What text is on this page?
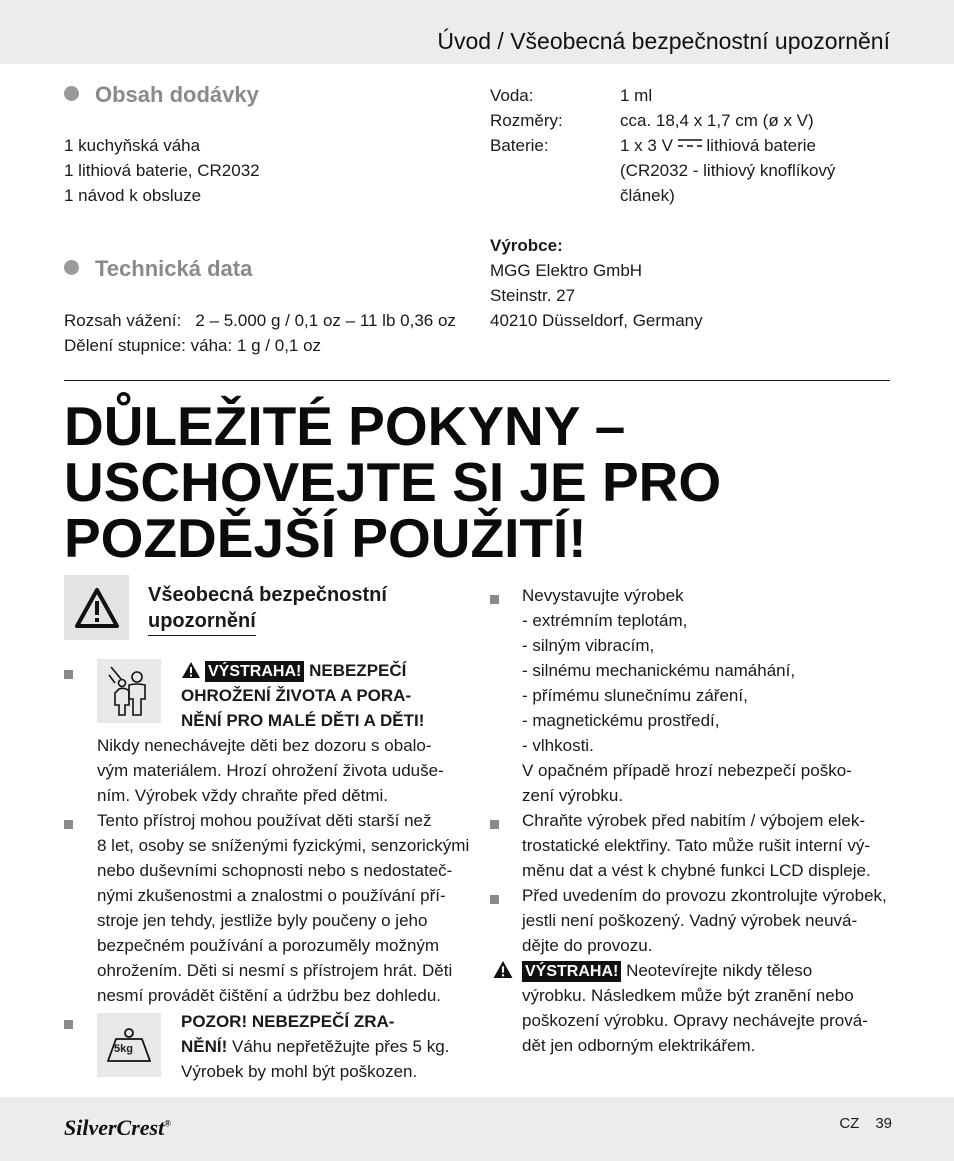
Úvod / Všeobecná bezpečnostní upozornění
Obsah dodávky
1 kuchyňská váha
1 lithiová baterie, CR2032
1 návod k obsluze
Technická data
Rozsah vážení: 2 – 5.000 g / 0,1 oz – 11 lb 0,36 oz
Dělení stupnice: váha: 1 g / 0,1 oz
Voda:	1 ml
Rozměry:	cca. 18,4 x 1,7 cm (ø x V)
Baterie:	1 x 3 V lithiová baterie
(CR2032 - lithiový knoflíkový
článek)
Výrobce:
MGG Elektro GmbH
Steinstr. 27
40210 Düsseldorf, Germany
DŮLEŽITÉ POKYNY –
USCHOVEJTE SI JE PRO
POZDĚJŠÍ POUŽITÍ!
Všeobecná bezpečnostní
upozornění
VÝSTRAHA! NEBEZPEČÍ
OHROŽENÍ ŽIVOTA A PORA-
NĚNÍ PRO MALÉ DĚTI A DĚTI!
Nikdy nenechávejte děti bez dozoru s obalo-
vým materiálem. Hrozí ohrožení života uduše-
ním. Výrobek vždy chraňte před dětmi.
Tento přístroj mohou používat děti starší než
8 let, osoby se sníženými fyzickými, senzorickými
nebo duševními schopnosti nebo s nedostateč-
nými zkušenostmi a znalostmi o používání pří-
stroje jen tehdy, jestliže byly poučeny o jeho
bezpečném používání a porozuměly možným
ohrožením. Děti si nesmí s přístrojem hrát. Děti
nesmí provádět čištění a údržbu bez dohledu.
5kg
POZOR! NEBEZPEČÍ ZRA-
NĚNÍ! Váhu nepřetěžujte přes 5 kg.
Výrobek by mohl být poškozen.
Nevystavujte výrobek
- extrémním teplotám,
- silným vibracím,
- silnému mechanickému namáhání,
- přímému slunečnímu záření,
- magnetickému prostředí,
- vlhkosti.
V opačném případě hrozí nebezpečí poško-
zení výrobku.
Chraňte výrobek před nabitím / výbojem elek-
trostatické elektřiny. Tato může rušit interní vý-
měnu dat a vést k chybné funkci LCD displeje.
Před uvedením do provozu zkontrolujte výrobek,
jestli není poškozený. Vadný výrobek neuvá-
dějte do provozu.
VÝSTRAHA! Neotevírejte nikdy těleso
výrobku. Následkem může být zranění nebo
poškození výrobku. Opravy nechávejte prová-
dět jen odborným elektrikářem.
SilverCrest®	CZ 39
